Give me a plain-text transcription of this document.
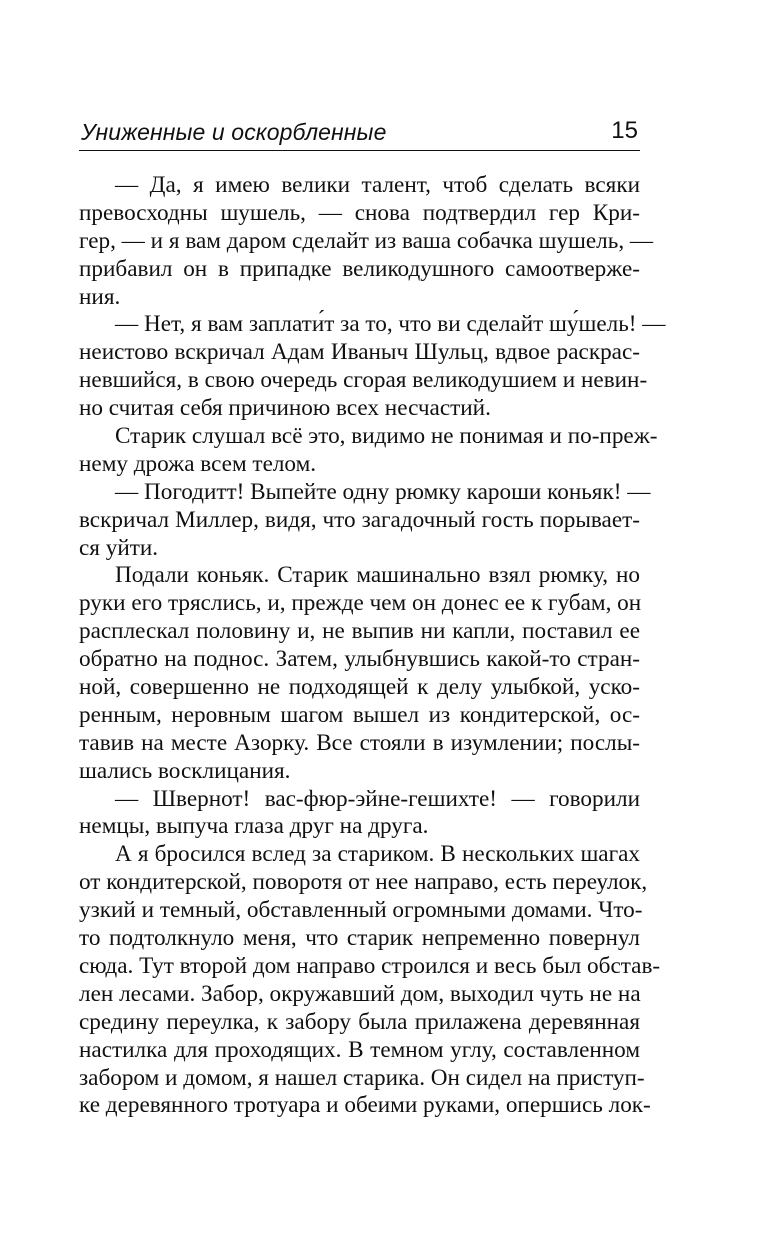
Униженные и оскорбленные	15
— Да, я имею велики талент, чтоб сделать всяки
превосходны шушель, — снова подтвердил гер Кри-
гер, — и я вам даром сделайт из ваша собачка шушель, —
прибавил он в припадке великодушного самоотверже-
ния.
— Нет, я вам заплати́т за то, что ви сделайт шу́шель! —
неистово вскричал Адам Иваныч Шульц, вдвое раскрас-
невшийся, в свою очередь сгорая великодушием и невин-
но считая себя причиною всех несчастий.
Старик слушал всё это, видимо не понимая и по-преж-
нему дрожа всем телом.
— Погодитт! Выпейте одну рюмку кароши коньяк! —
вскричал Миллер, видя, что загадочный гость порывает-
ся уйти.
Подали коньяк. Старик машинально взял рюмку, но
руки его тряслись, и, прежде чем он донес ее к губам, он
расплескал половину и, не выпив ни капли, поставил ее
обратно на поднос. Затем, улыбнувшись какой-то стран-
ной, совершенно не подходящей к делу улыбкой, уско-
ренным, неровным шагом вышел из кондитерской, ос-
тавив на месте Азорку. Все стояли в изумлении; послы-
шались восклицания.
— Швернот! вас-фюр-эйне-гешихте! — говорили
немцы, выпуча глаза друг на друга.
А я бросился вслед за стариком. В нескольких шагах
от кондитерской, поворотя от нее направо, есть переулок,
узкий и темный, обставленный огромными домами. Что-
то подтолкнуло меня, что старик непременно повернул
сюда. Тут второй дом направо строился и весь был обстав-
лен лесами. Забор, окружавший дом, выходил чуть не на
средину переулка, к забору была прилажена деревянная
настилка для проходящих. В темном углу, составленном
забором и домом, я нашел старика. Он сидел на приступ-
ке деревянного тротуара и обеими руками, опершись лок-
